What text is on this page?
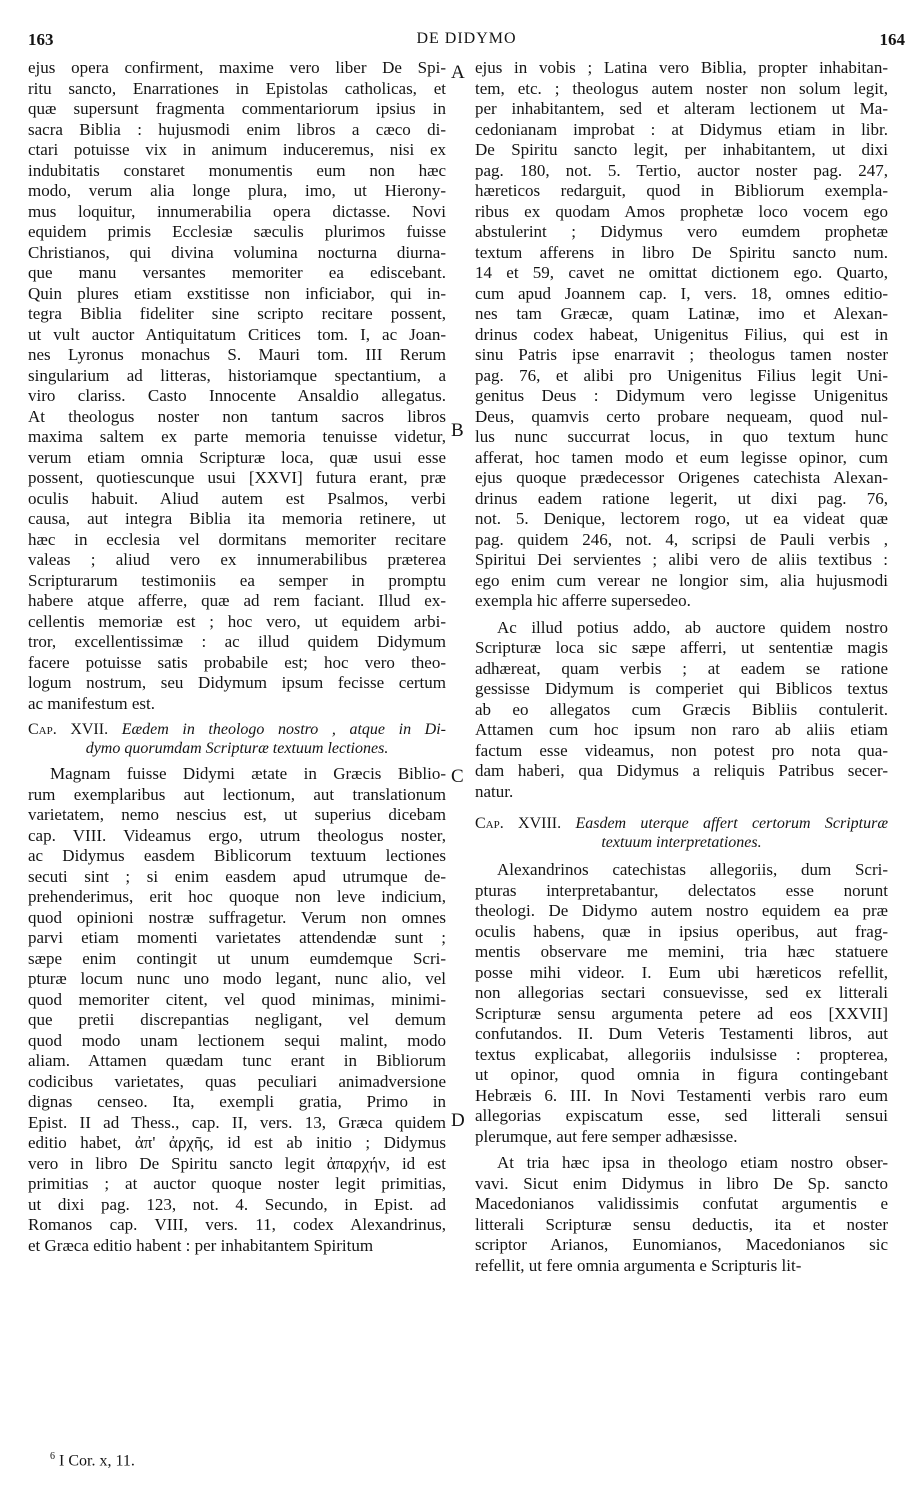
163	DE DIDYMO	164
A
B
C
D
ejus opera confirment, maxime vero liber De Spi-
ritu sancto, Enarrationes in Epistolas catholicas, et
quæ supersunt fragmenta commentariorum ipsius in
sacra Biblia : hujusmodi enim libros a cæco di-
ctari potuisse vix in animum induceremus, nisi ex
indubitatis constaret monumentis eum non hæc
modo, verum alia longe plura, imo, ut Hierony-
mus loquitur, innumerabilia opera dictasse. Novi
equidem primis Ecclesiæ sæculis plurimos fuisse
Christianos, qui divina volumina nocturna diurna-
que manu versantes memoriter ea ediscebant.
Quin plures etiam exstitisse non inficiabor, qui in-
tegra Biblia fideliter sine scripto recitare possent,
ut vult auctor Antiquitatum Criticesᅟtom. I, ac Joan-
nes Lyronus monachus S. Mauri tom. III Rerum
singularium ad litteras, historiamque spectantium, a
viro clariss. Casto Innocente Ansaldio allegatus.
At theologus noster non tantum sacros libros
maxima saltem ex parte memoria tenuisse videtur,
verum etiam omnia Scripturæ loca, quæ usui esse
possent, quotiescunque usui [XXVI] futura erant, præ
oculis habuit. Aliud autem est Psalmos, verbi
causa, aut integra Biblia ita memoria retinere, ut
hæc in ecclesia vel dormitans memoriter recitare
valeas ; aliud vero ex innumerabilibus præterea
Scripturarum testimoniis ea semper in promptu
habere atque afferre, quæ ad rem faciant. Illud ex-
cellentis memoriæ est ; hoc vero, ut equidem arbi-
tror, excellentissimæ : ac illud quidem Didymum
facere potuisse satis probabile est; hoc vero theo-
logum nostrum, seu Didymum ipsum fecisse certum
ac manifestum est.
Cap. XVII. Eædem in theologo nostro , atque in Di-
dymo quorumdam Scripturæ textuum lectiones.
Magnam fuisse Didymi ætate in Græcis Biblio-
rum exemplaribus aut lectionum, aut translationum
varietatem, nemo nescius est, ut superius dicebam
cap. VIII. Videamus ergo, utrum theologus noster,
ac Didymus easdem Biblicorum textuum lectiones
secuti sint ; si enim easdem apud utrumque de-
prehenderimus, erit hoc quoque non leve indicium,
quod opinioni nostræ suffragetur. Verum non omnes
parvi etiam momenti varietates attendendæ sunt ;
sæpe enim contingit ut unum eumdemque Scri-
pturæ locum nunc uno modo legant, nunc alio, vel
quod memoriter citent, vel quod minimas, minimi-
que pretii discrepantias negligant, vel demum
quod modo unam lectionem sequi malint, modo
aliam. Attamen quædam tunc erant in Bibliorum
codicibus varietates, quas peculiari animadversione
dignas censeo. Ita, exempli gratia, Primo in
Epist. II ad Thess., cap. II, vers. 13, Græca quidem
editio habet, ἀπ' ἀρχῆς, id est ab initio ; Didymus
vero in libro De Spiritu sancto legit ἀπαρχήν, id est
primitias ; at auctor quoque noster legit primitias,
ut dixi pag. 123, not. 4. Secundo, in Epist. ad
Romanos cap. VIII, vers. 11, codex Alexandrinus,
et Græca editio habent : per inhabitantem Spiritum
ejus in vobis ; Latina vero Biblia, propter inhabitan-
tem, etc. ; theologus autem noster non solum legit,
per inhabitantem, sed et alteram lectionem ut Ma-
cedonianam improbat : at Didymus etiam in libr.
De Spiritu sancto legit, per inhabitantem, ut dixi
pag. 180, not. 5. Tertio, auctor noster pag. 247,
hæreticos redarguit, quod in Bibliorum exempla-
ribus ex quodam Amos prophetæ loco vocem ego
abstulerint ; Didymus vero eumdem prophetæ
textum afferens in libro De Spiritu sancto num.
14 et 59, cavet ne omittat dictionem ego. Quarto,
cum apud Joannem cap. I, vers. 18, omnes editio-
nes tam Græcæ, quam Latinæ, imo et Alexan-
drinus codex habeat, Unigenitus Filius, qui est in
sinu Patris ipse enarravit ; theologus tamen noster
pag. 76, et alibi pro Unigenitus Filius legit Uni-
genitus Deus : Didymum vero legisse Unigenitus
Deus, quamvis certo probare nequeam, quod nul-
lus nunc succurrat locus, in quo textum hunc
afferat, hoc tamen modo et eum legisse opinor, cum
ejus quoque prædecessor Origenes catechista Alexan-
drinus eadem ratione legerit, ut dixi pag. 76,
not. 5. Denique, lectorem rogo, ut ea videat quæ
pag. quidem 246, not. 4, scripsi de Pauli verbis ,
Spiritui Dei servientes ; alibi vero de aliis textibus :
ego enim cum verear ne longior sim, alia hujusmodi
exempla hic afferre supersedeo.
Ac illud potius addo, ab auctore quidem nostro
Scripturæ loca sic sæpe afferri, ut sententiæ magis
adhæreat, quam verbis ; at eadem se ratione
gessisse Didymum is comperiet qui Biblicos textus
ab eo allegatos cum Græcis Bibliis contulerit.
Attamen cum hoc ipsum non raro ab aliis etiam
factum esse videamus, non potest pro nota qua-
dam haberi, qua Didymus a reliquis Patribus secer-
natur.
Cap. XVIII. Easdem uterque affert certorum Scripturæ
textuum interpretationes.
Alexandrinos catechistas allegoriis, dum Scri-
pturas interpretabantur, delectatos esse norunt
theologi. De Didymo autem nostro equidem ea præ
oculis habens, quæ in ipsius operibus, aut frag-
mentis observare me memini, tria hæc statuere
posse mihi videor. I. Eum ubi hæreticos refellit,
non allegorias sectari consuevisse, sed ex litterali
Scripturæ sensu argumenta petere ad eos [XXVII]
confutandos. II. Dum Veteris Testamenti libros, aut
textus explicabat, allegoriis indulsisse : propterea,
ut opinor, quod omnia in figura contingebant
Hebræis 6. III. In Novi Testamenti verbis raro eum
allegorias expiscatum esse, sed litterali sensui
plerumque, aut fere semper adhæsisse.
At tria hæc ipsa in theologo etiam nostro obser-
vavi. Sicut enim Didymus in libro De Sp. sancto
Macedonianos validissimis confutat argumentis e
litterali Scripturæ sensu deductis, ita et noster
scriptor Arianos, Eunomianos, Macedonianos sic
refellit, ut fere omnia argumenta e Scripturis lit-
$^6$ I Cor. x, 11.
